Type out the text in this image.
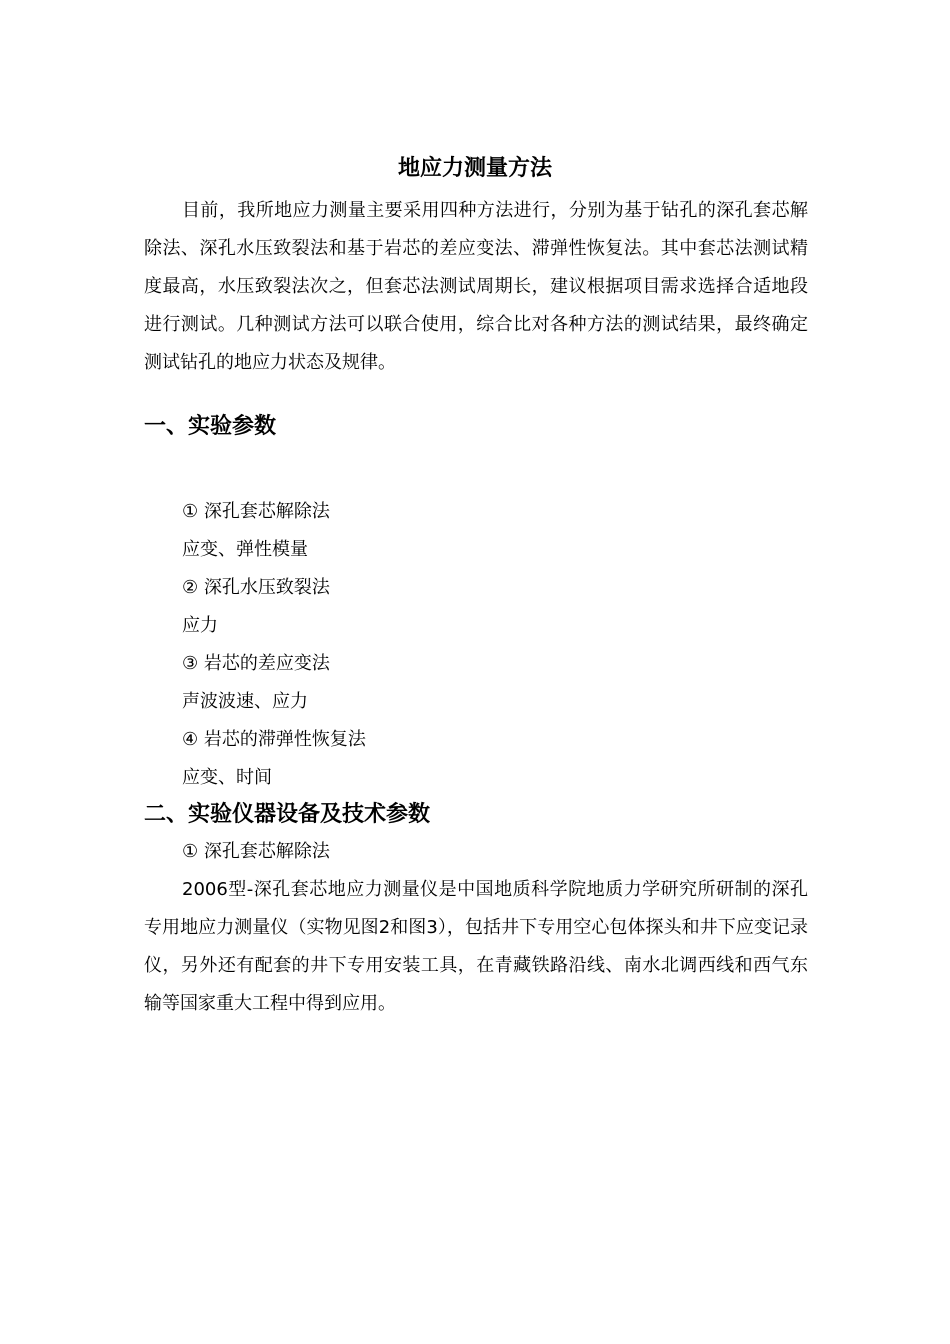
地应力测量方法

目前，我所地应力测量主要采用四种方法进行，分别为基于钻孔的深孔套芯解除法、深孔水压致裂法和基于岩芯的差应变法、滞弹性恢复法。其中套芯法测试精度最高，水压致裂法次之，但套芯法测试周期长，建议根据项目需求选择合适地段进行测试。几种测试方法可以联合使用，综合比对各种方法的测试结果，最终确定测试钻孔的地应力状态及规律。

一、实验参数
① 深孔套芯解除法
应变、弹性模量
② 深孔水压致裂法
应力
③ 岩芯的差应变法
声波波速、应力
④ 岩芯的滞弹性恢复法
应变、时间
二、实验仪器设备及技术参数
① 深孔套芯解除法

2006型-深孔套芯地应力测量仪是中国地质科学院地质力学研究所研制的深孔专用地应力测量仪（实物见图2和图3），包括井下专用空心包体探头和井下应变记录仪，另外还有配套的井下专用安装工具，在青藏铁路沿线、南水北调西线和西气东输等国家重大工程中得到应用。
